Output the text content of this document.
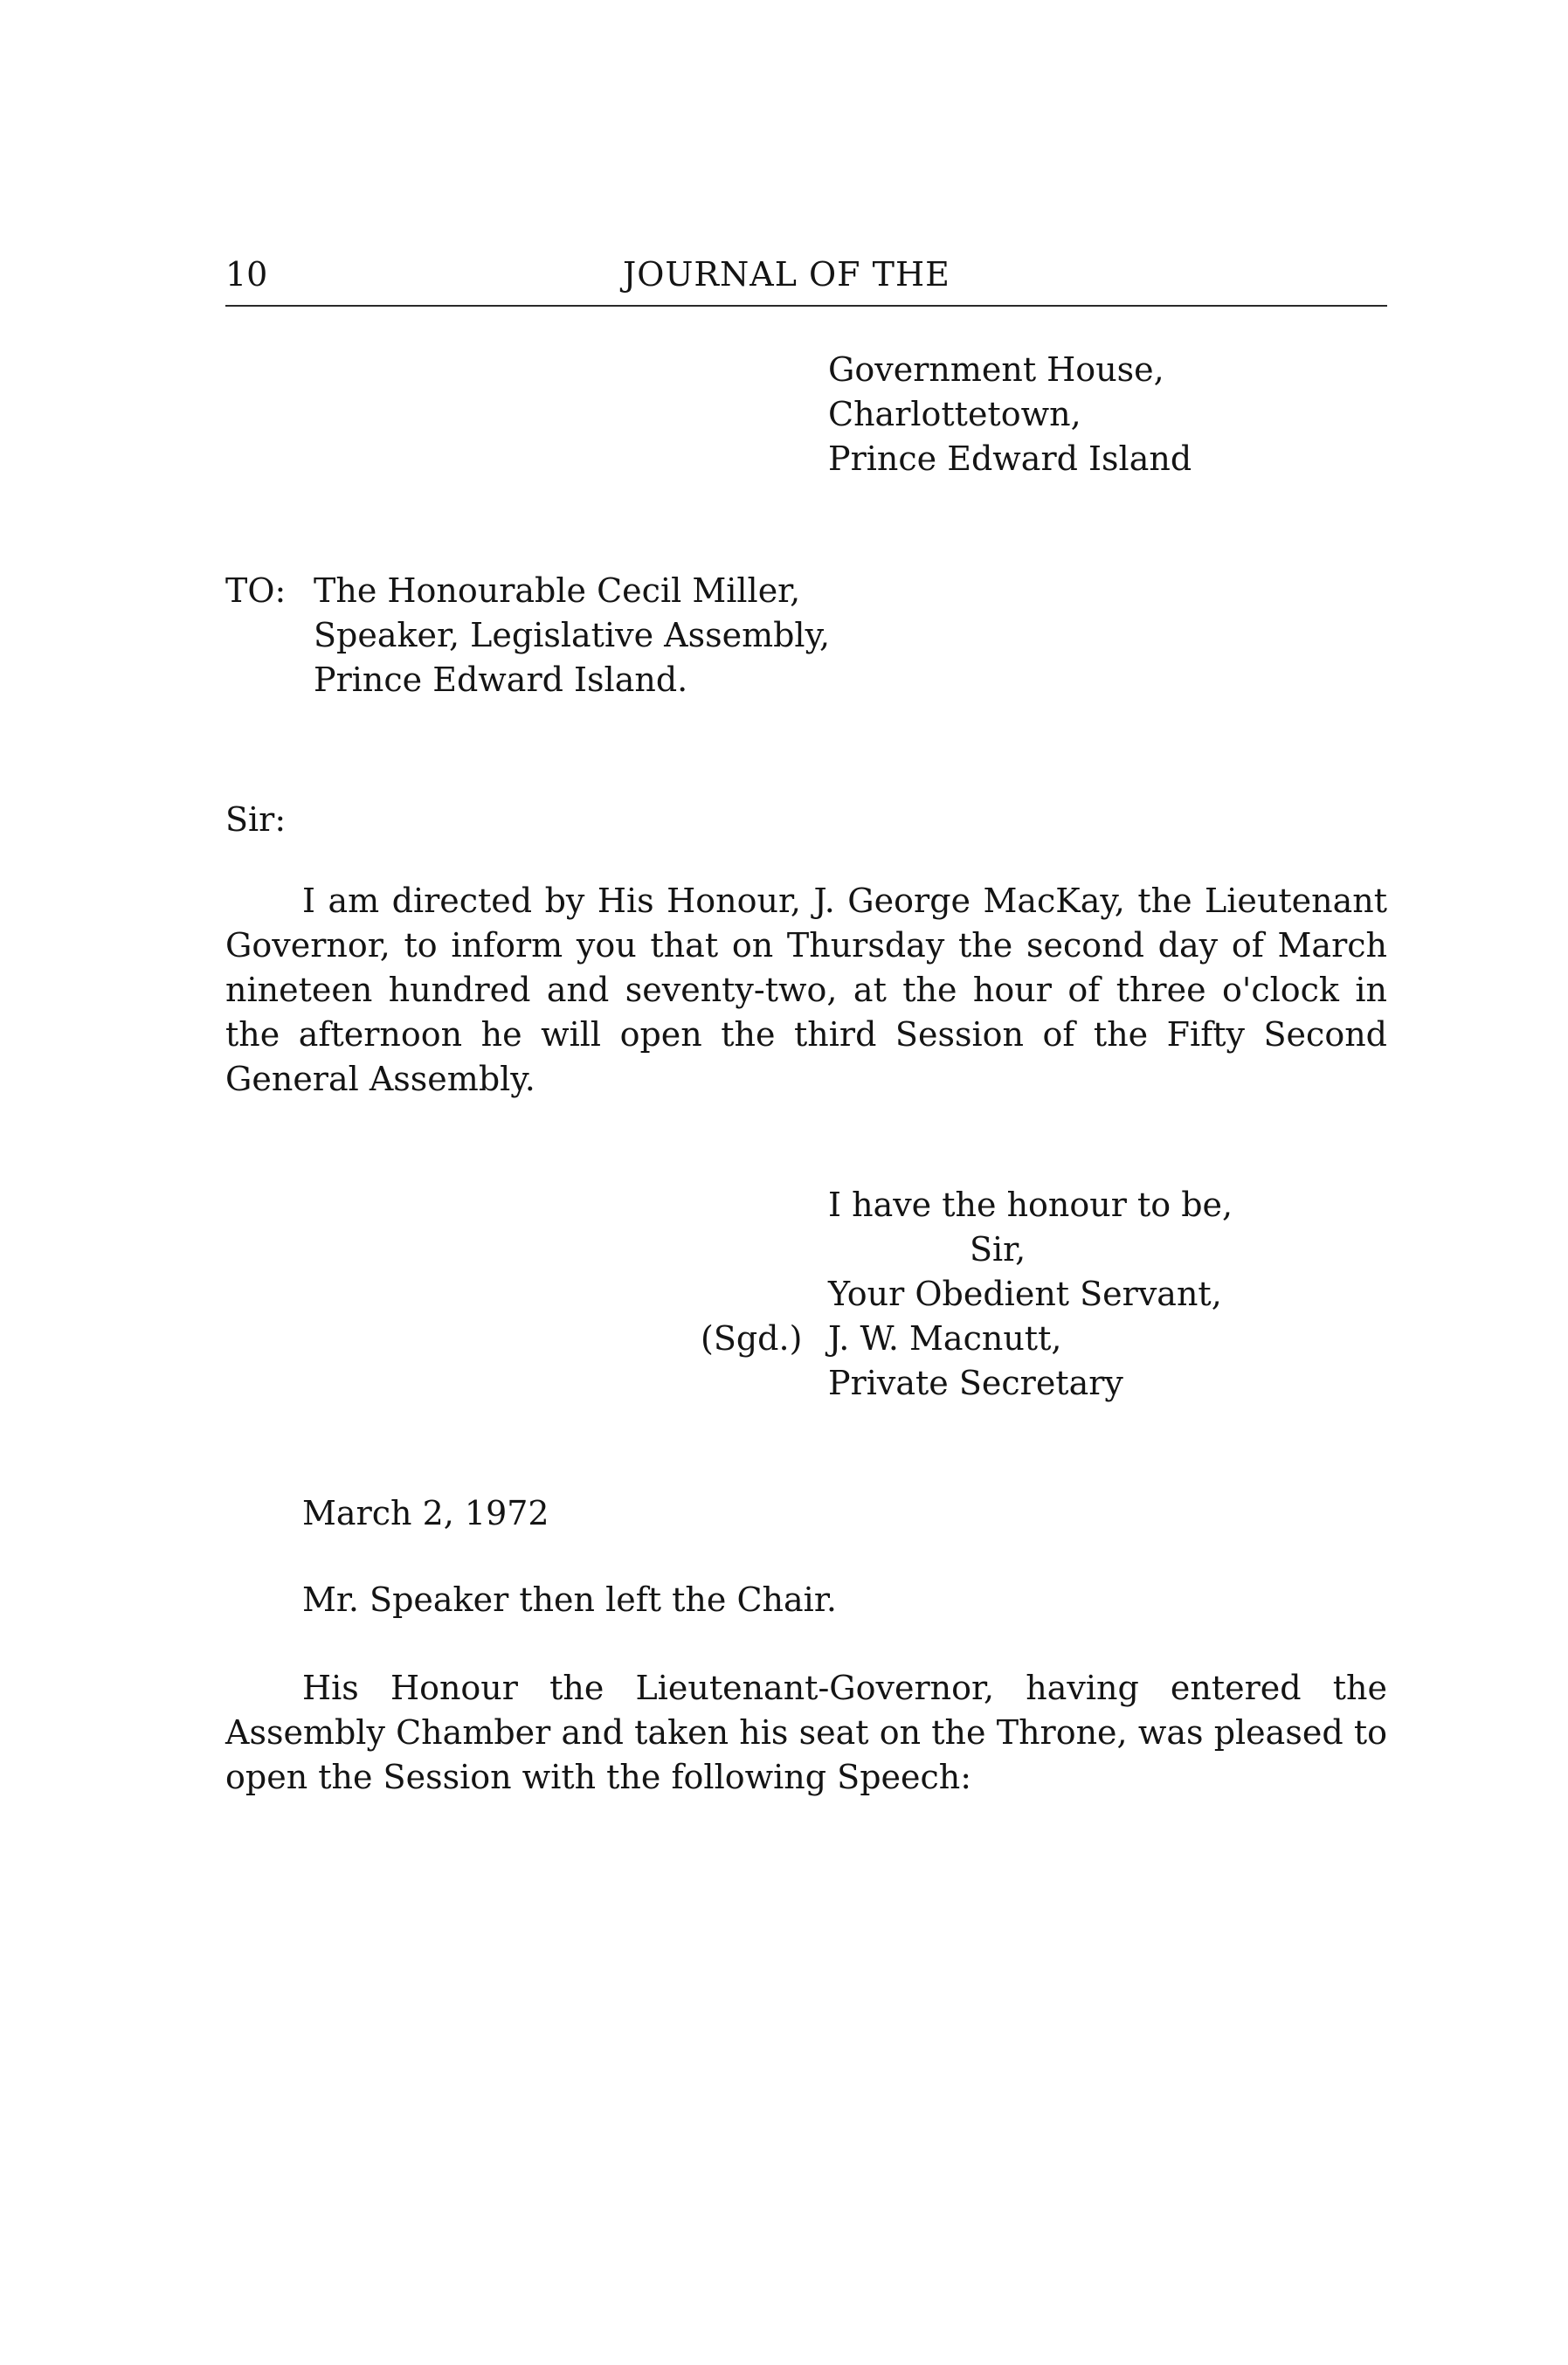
10	JOURNAL OF THE
Government House,
Charlottetown,
Prince Edward Island
TO: The Honourable Cecil Miller,
Speaker, Legislative Assembly,
Prince Edward Island.
Sir:
I am directed by His Honour, J. George MacKay, the Lieutenant Governor, to inform you that on Thursday the second day of March nineteen hundred and seventy-two, at the hour of three o'clock in the afternoon he will open the third Session of the Fifty Second General Assembly.
I have the honour to be,
Sir,
Your Obedient Servant,
(Sgd.) J. W. Macnutt,
Private Secretary
March 2, 1972
Mr. Speaker then left the Chair.
His Honour the Lieutenant-Governor, having entered the Assembly Chamber and taken his seat on the Throne, was pleased to open the Session with the following Speech:
